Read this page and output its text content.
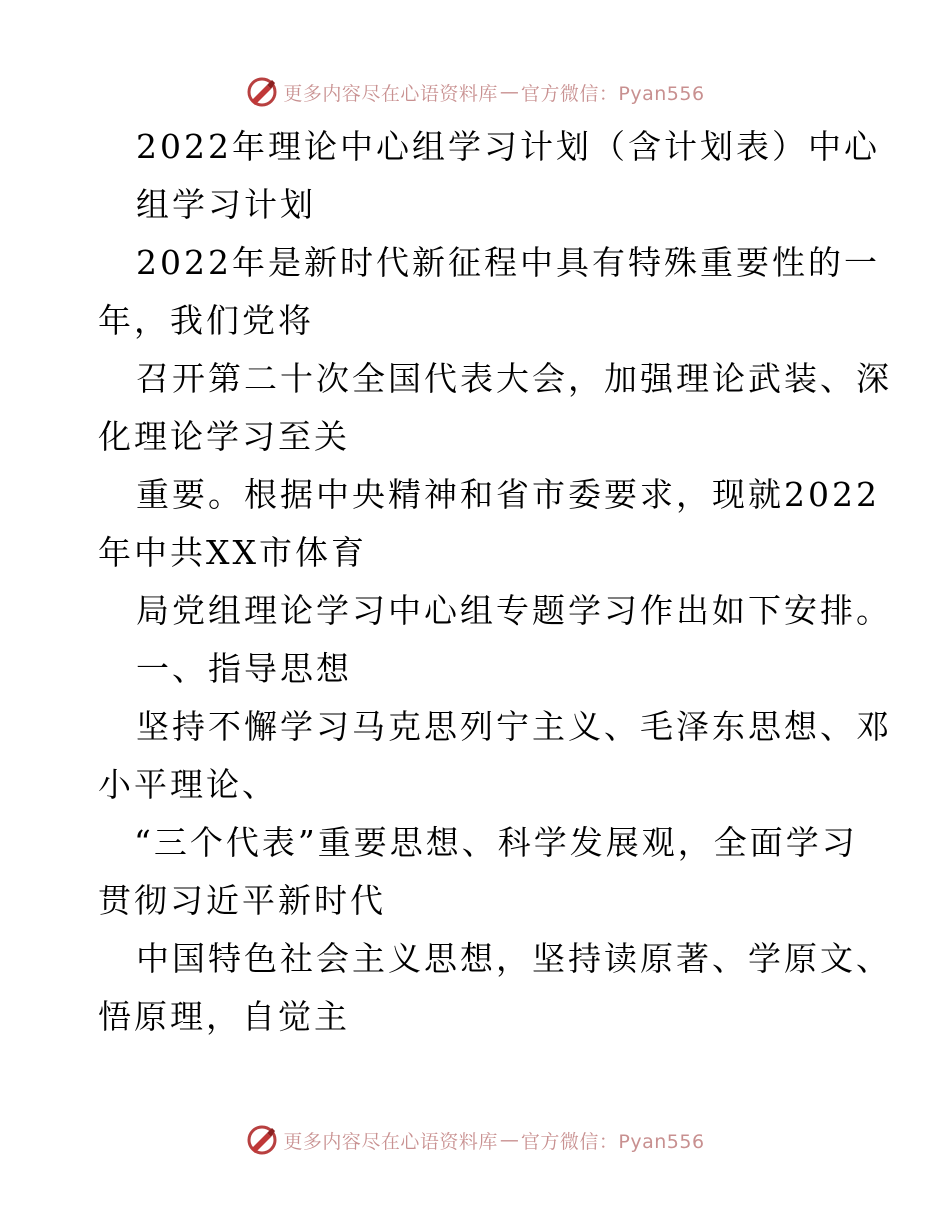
更多内容尽在心语资料库 — 官方微信：Pyan556
2022年理论中心组学习计划（含计划表）中心
组学习计划
2022年是新时代新征程中具有特殊重要性的一
年，我们党将
召开第二十次全国代表大会，加强理论武装、深
化理论学习至关
重要。根据中央精神和省市委要求，现就2022
年中共XX市体育
局党组理论学习中心组专题学习作出如下安排。
一、指导思想
坚持不懈学习马克思列宁主义、毛泽东思想、邓
小平理论、
“三个代表”重要思想、科学发展观，全面学习
贯彻习近平新时代
中国特色社会主义思想，坚持读原著、学原文、
悟原理，自觉主
更多内容尽在心语资料库 — 官方微信：Pyan556
